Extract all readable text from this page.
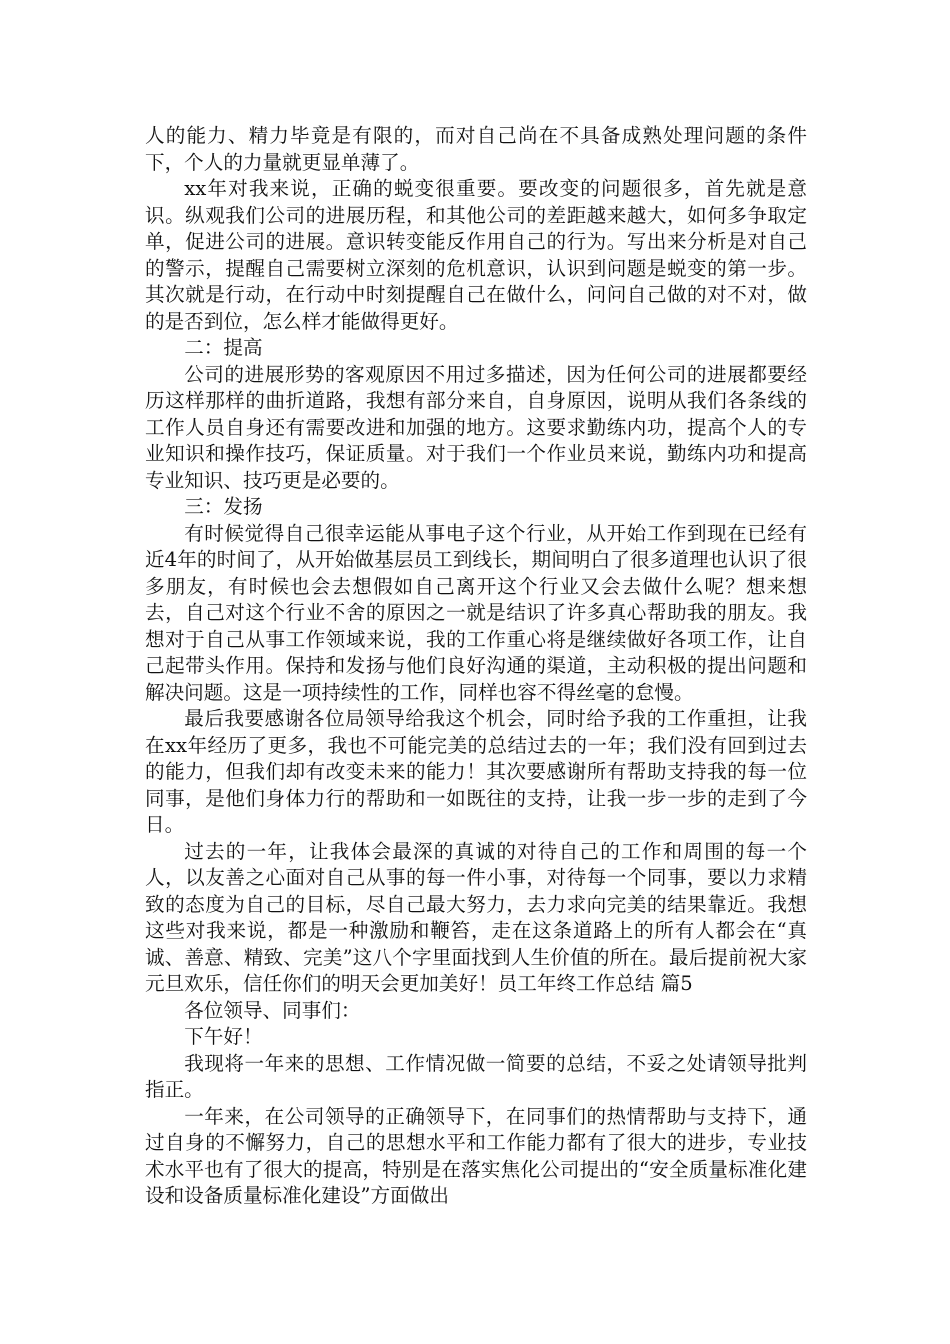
人的能力、精力毕竟是有限的，而对自己尚在不具备成熟处理问题的条件下，个人的力量就更显单薄了。

xx年对我来说，正确的蜕变很重要。要改变的问题很多，首先就是意识。纵观我们公司的进展历程，和其他公司的差距越来越大，如何多争取定单，促进公司的进展。意识转变能反作用自己的行为。写出来分析是对自己的警示，提醒自己需要树立深刻的危机意识，认识到问题是蜕变的第一步。其次就是行动，在行动中时刻提醒自己在做什么，问问自己做的对不对，做的是否到位，怎么样才能做得更好。

二：提高

公司的进展形势的客观原因不用过多描述，因为任何公司的进展都要经历这样那样的曲折道路，我想有部分来自，自身原因，说明从我们各条线的工作人员自身还有需要改进和加强的地方。这要求勤练内功，提高个人的专业知识和操作技巧，保证质量。对于我们一个作业员来说，勤练内功和提高专业知识、技巧更是必要的。

三：发扬

有时候觉得自己很幸运能从事电子这个行业，从开始工作到现在已经有近4年的时间了，从开始做基层员工到线长，期间明白了很多道理也认识了很多朋友，有时候也会去想假如自己离开这个行业又会去做什么呢？想来想去，自己对这个行业不舍的原因之一就是结识了许多真心帮助我的朋友。我想对于自己从事工作领域来说，我的工作重心将是继续做好各项工作，让自己起带头作用。保持和发扬与他们良好沟通的渠道，主动积极的提出问题和解决问题。这是一项持续性的工作，同样也容不得丝毫的怠慢。

最后我要感谢各位局领导给我这个机会，同时给予我的工作重担，让我在xx年经历了更多，我也不可能完美的总结过去的一年；我们没有回到过去的能力，但我们却有改变未来的能力！其次要感谢所有帮助支持我的每一位同事，是他们身体力行的帮助和一如既往的支持，让我一步一步的走到了今日。

过去的一年，让我体会最深的真诚的对待自己的工作和周围的每一个人，以友善之心面对自己从事的每一件小事，对待每一个同事，要以力求精致的态度为自己的目标，尽自己最大努力，去力求向完美的结果靠近。我想这些对我来说，都是一种激励和鞭笞，走在这条道路上的所有人都会在“真诚、善意、精致、完美”这八个字里面找到人生价值的所在。最后提前祝大家元旦欢乐，信任你们的明天会更加美好！员工年终工作总结 篇5

各位领导、同事们：

下午好！

我现将一年来的思想、工作情况做一简要的总结，不妥之处请领导批判指正。

一年来，在公司领导的正确领导下，在同事们的热情帮助与支持下，通过自身的不懈努力，自己的思想水平和工作能力都有了很大的进步，专业技术水平也有了很大的提高，特别是在落实焦化公司提出的“安全质量标准化建设和设备质量标准化建设”方面做出
